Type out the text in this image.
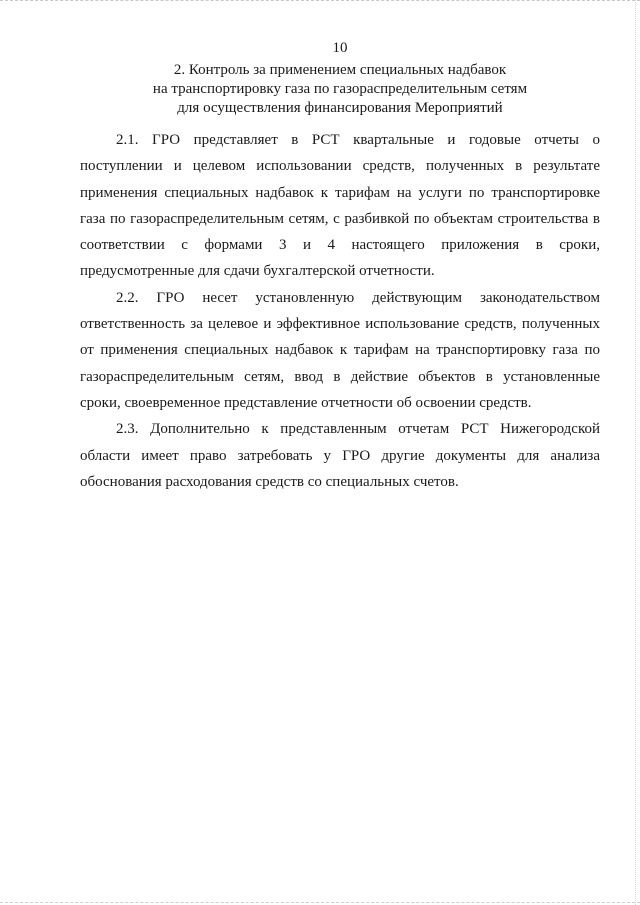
10
2. Контроль за применением специальных надбавок
на транспортировку газа по газораспределительным сетям
для осуществления финансирования Мероприятий
2.1. ГРО представляет в РСТ квартальные и годовые отчеты о
поступлении и целевом использовании средств, полученных в результате
применения специальных надбавок к тарифам на услуги по транспортировке
газа по газораспределительным сетям, с разбивкой по объектам строительства в
соответствии с формами 3 и 4 настоящего приложения в сроки,
предусмотренные для сдачи бухгалтерской отчетности.
2.2. ГРО несет установленную действующим законодательством
ответственность за целевое и эффективное использование средств, полученных
от применения специальных надбавок к тарифам на транспортировку газа по
газораспределительным сетям, ввод в действие объектов в установленные
сроки, своевременное представление отчетности об освоении средств.
2.3. Дополнительно к представленным отчетам РСТ Нижегородской
области имеет право затребовать у ГРО другие документы для анализа
обоснования расходования средств со специальных счетов.
